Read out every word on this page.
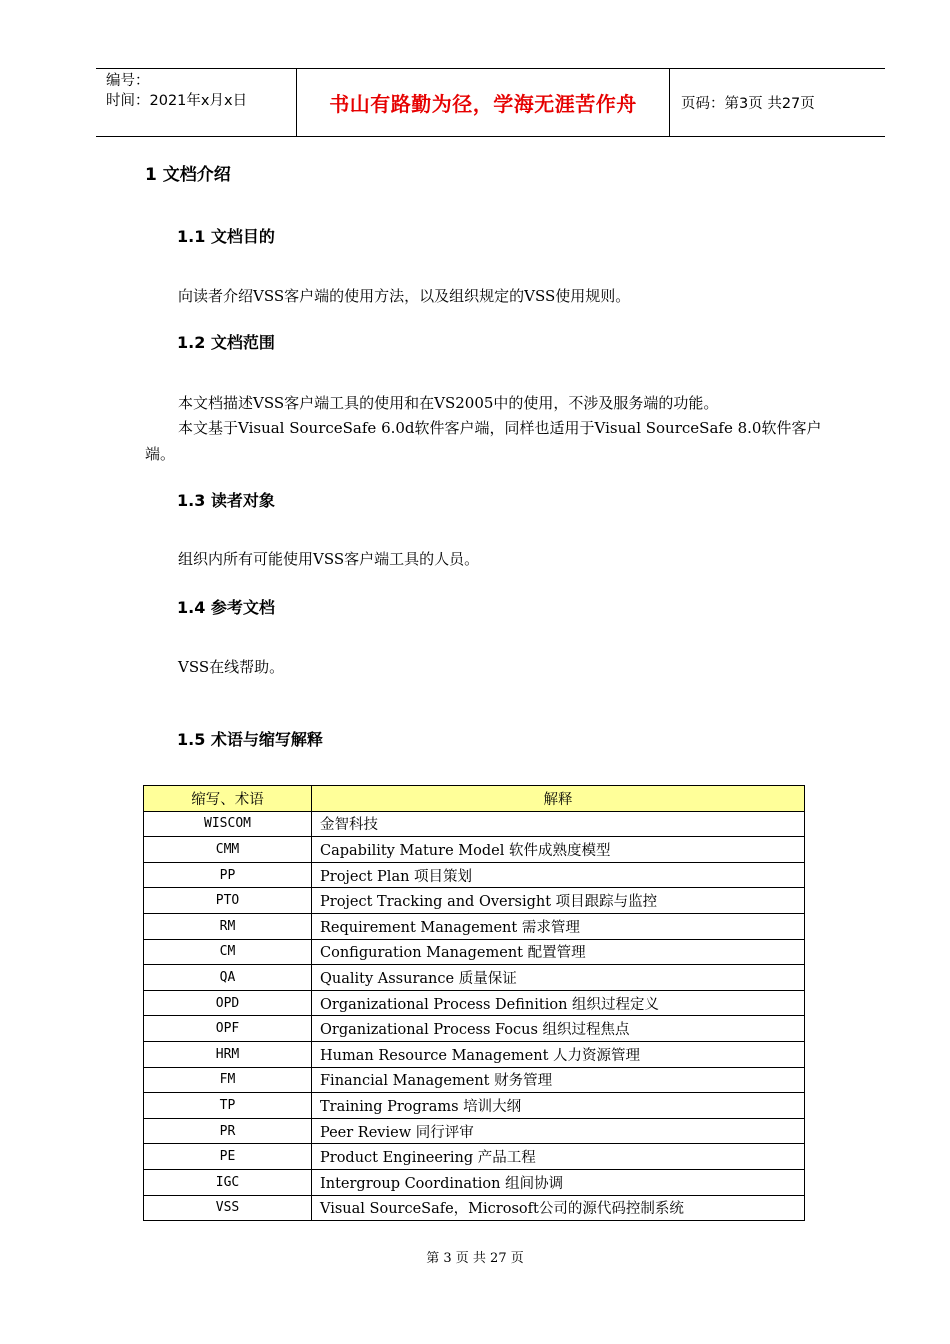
编号：
时间：2021年x月x日	书山有路勤为径，学海无涯苦作舟	页码：第3页 共27页
1 文档介绍
1.1 文档目的
向读者介绍VSS客户端的使用方法，以及组织规定的VSS使用规则。
1.2 文档范围
本文档描述VSS客户端工具的使用和在VS2005中的使用，不涉及服务端的功能。
本文基于Visual SourceSafe 6.0d软件客户端，同样也适用于Visual SourceSafe 8.0软件客户
端。
1.3 读者对象
组织内所有可能使用VSS客户端工具的人员。
1.4 参考文档
VSS在线帮助。
1.5 术语与缩写解释
缩写、术语	解释
WISCOM	金智科技
CMM	Capability Mature Model 软件成熟度模型
PP	Project Plan 项目策划
PTO	Project Tracking and Oversight 项目跟踪与监控
RM	Requirement Management 需求管理
CM	Configuration Management 配置管理
QA	Quality Assurance 质量保证
OPD	Organizational Process Definition 组织过程定义
OPF	Organizational Process Focus 组织过程焦点
HRM	Human Resource Management 人力资源管理
FM	Financial Management 财务管理
TP	Training Programs 培训大纲
PR	Peer Review 同行评审
PE	Product Engineering 产品工程
IGC	Intergroup Coordination 组间协调
VSS	Visual SourceSafe，Microsoft公司的源代码控制系统
第 3 页 共 27 页
